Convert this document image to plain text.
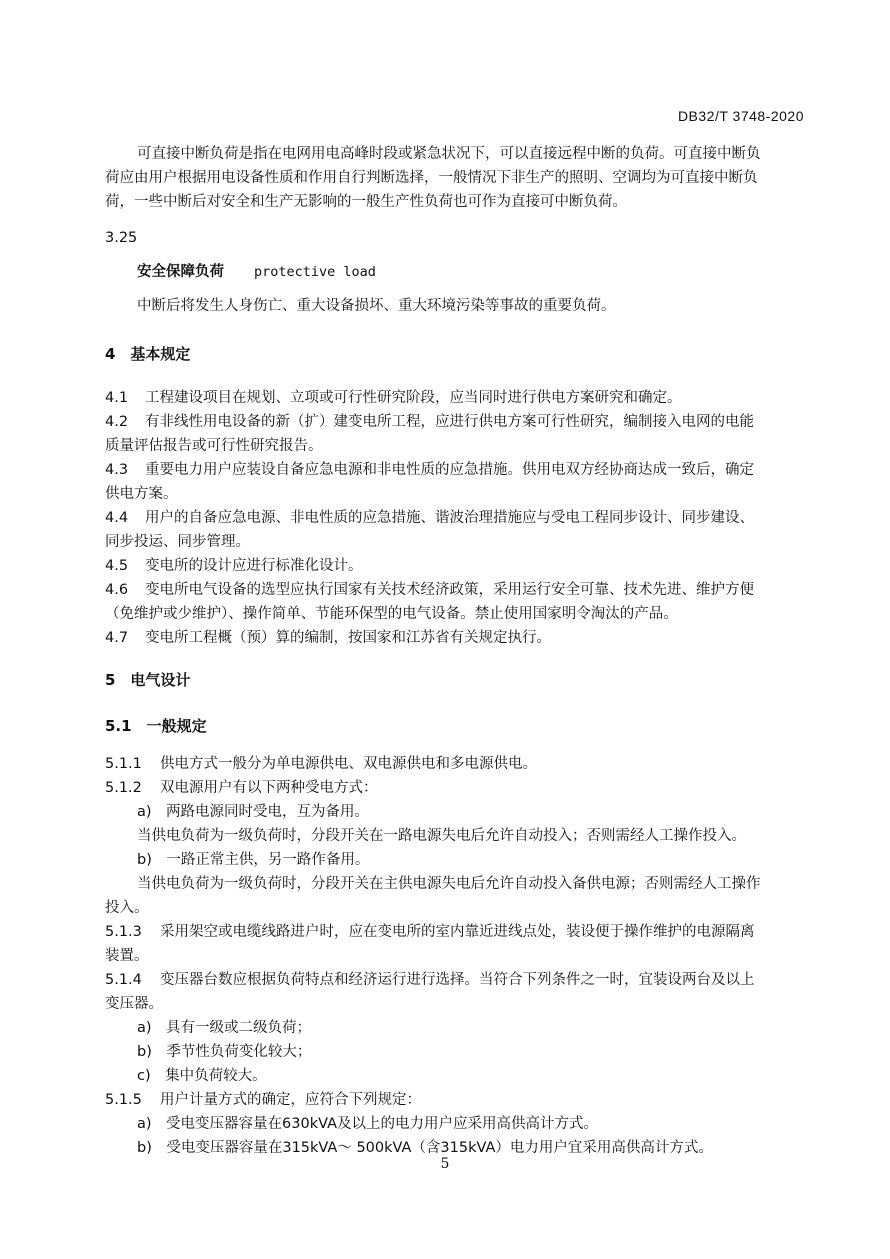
DB32/T 3748-2020
可直接中断负荷是指在电网用电高峰时段或紧急状况下，可以直接远程中断的负荷。可直接中断负
荷应由用户根据用电设备性质和作用自行判断选择，一般情况下非生产的照明、空调均为可直接中断负
荷，一些中断后对安全和生产无影响的一般生产性负荷也可作为直接可中断负荷。
3.25
安全保障负荷 protective load
中断后将发生人身伤亡、重大设备损坏、重大环境污染等事故的重要负荷。
4　基本规定
4.1 工程建设项目在规划、立项或可行性研究阶段，应当同时进行供电方案研究和确定。
4.2 有非线性用电设备的新（扩）建变电所工程，应进行供电方案可行性研究，编制接入电网的电能
质量评估报告或可行性研究报告。
4.3 重要电力用户应装设自备应急电源和非电性质的应急措施。供用电双方经协商达成一致后，确定
供电方案。
4.4 用户的自备应急电源、非电性质的应急措施、谐波治理措施应与受电工程同步设计、同步建设、
同步投运、同步管理。
4.5 变电所的设计应进行标准化设计。
4.6 变电所电气设备的选型应执行国家有关技术经济政策，采用运行安全可靠、技术先进、维护方便
（免维护或少维护）、操作简单、节能环保型的电气设备。禁止使用国家明令淘汰的产品。
4.7 变电所工程概（预）算的编制，按国家和江苏省有关规定执行。
5　电气设计
5.1　一般规定
5.1.1 供电方式一般分为单电源供电、双电源供电和多电源供电。
5.1.2 双电源用户有以下两种受电方式：
a)　两路电源同时受电，互为备用。
当供电负荷为一级负荷时，分段开关在一路电源失电后允许自动投入；否则需经人工操作投入。
b)　一路正常主供，另一路作备用。
当供电负荷为一级负荷时，分段开关在主供电源失电后允许自动投入备供电源；否则需经人工操作
投入。
5.1.3 采用架空或电缆线路进户时，应在变电所的室内靠近进线点处，装设便于操作维护的电源隔离
装置。
5.1.4 变压器台数应根据负荷特点和经济运行进行选择。当符合下列条件之一时，宜装设两台及以上
变压器。
a)　具有一级或二级负荷；
b)　季节性负荷变化较大；
c)　集中负荷较大。
5.1.5 用户计量方式的确定，应符合下列规定：
a)　受电变压器容量在630kVA及以上的电力用户应采用高供高计方式。
b)　受电变压器容量在315kVA～ 500kVA（含315kVA）电力用户宜采用高供高计方式。
5
